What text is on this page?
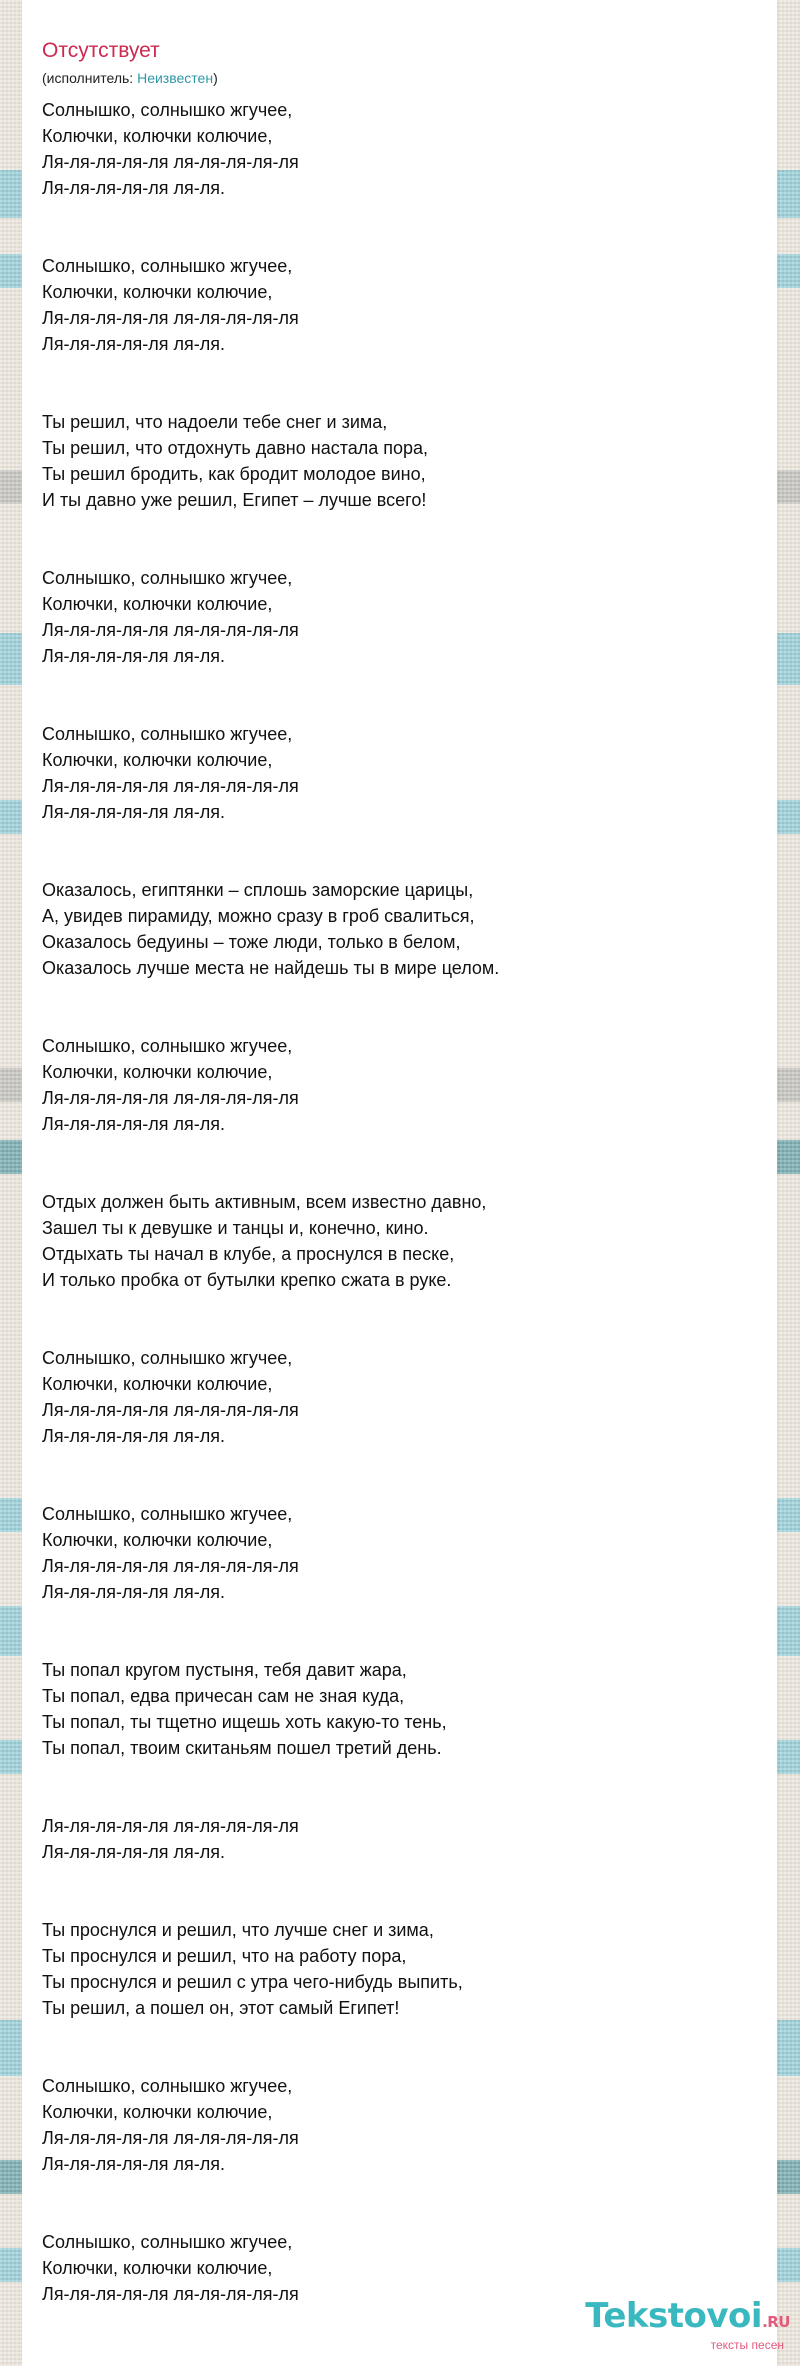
Отсутствует
(исполнитель: Неизвестен)
Солнышко, солнышко жгучее,
Колючки, колючки колючие,
Ля-ля-ля-ля-ля ля-ля-ля-ля-ля
Ля-ля-ля-ля-ля ля-ля.
Солнышко, солнышко жгучее,
Колючки, колючки колючие,
Ля-ля-ля-ля-ля ля-ля-ля-ля-ля
Ля-ля-ля-ля-ля ля-ля.
Ты решил, что надоели тебе снег и зима,
Ты решил, что отдохнуть давно настала пора,
Ты решил бродить, как бродит молодое вино,
И ты давно уже решил, Египет – лучше всего!
Солнышко, солнышко жгучее,
Колючки, колючки колючие,
Ля-ля-ля-ля-ля ля-ля-ля-ля-ля
Ля-ля-ля-ля-ля ля-ля.
Солнышко, солнышко жгучее,
Колючки, колючки колючие,
Ля-ля-ля-ля-ля ля-ля-ля-ля-ля
Ля-ля-ля-ля-ля ля-ля.
Оказалось, египтянки – сплошь заморские царицы,
А, увидев пирамиду, можно сразу в гроб свалиться,
Оказалось бедуины – тоже люди, только в белом,
Оказалось лучше места не найдешь ты в мире целом.
Солнышко, солнышко жгучее,
Колючки, колючки колючие,
Ля-ля-ля-ля-ля ля-ля-ля-ля-ля
Ля-ля-ля-ля-ля ля-ля.
Отдых должен быть активным, всем известно давно,
Зашел ты к девушке и танцы и, конечно, кино.
Отдыхать ты начал в клубе, а проснулся в песке,
И только пробка от бутылки крепко сжата в руке.
Солнышко, солнышко жгучее,
Колючки, колючки колючие,
Ля-ля-ля-ля-ля ля-ля-ля-ля-ля
Ля-ля-ля-ля-ля ля-ля.
Солнышко, солнышко жгучее,
Колючки, колючки колючие,
Ля-ля-ля-ля-ля ля-ля-ля-ля-ля
Ля-ля-ля-ля-ля ля-ля.
Ты попал кругом пустыня, тебя давит жара,
Ты попал, едва причесан сам не зная куда,
Ты попал, ты тщетно ищешь хоть какую-то тень,
Ты попал, твоим скитаньям пошел третий день.
Ля-ля-ля-ля-ля ля-ля-ля-ля-ля
Ля-ля-ля-ля-ля ля-ля.
Ты проснулся и решил, что лучше снег и зима,
Ты проснулся и решил, что на работу пора,
Ты проснулся и решил с утра чего-нибудь выпить,
Ты решил, а пошел он, этот самый Египет!
Солнышко, солнышко жгучее,
Колючки, колючки колючие,
Ля-ля-ля-ля-ля ля-ля-ля-ля-ля
Ля-ля-ля-ля-ля ля-ля.
Солнышко, солнышко жгучее,
Колючки, колючки колючие,
Ля-ля-ля-ля-ля ля-ля-ля-ля-ля
Tekstovoi.RU
тексты песен
